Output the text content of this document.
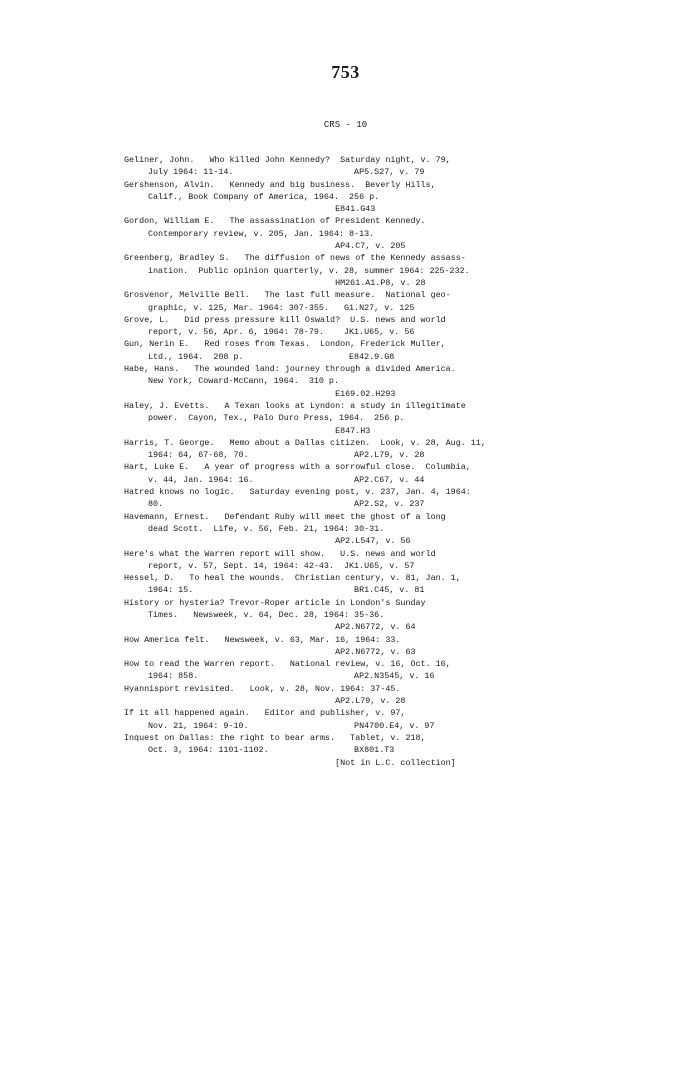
753
CRS - 10
Geliner, John.   Who killed John Kennedy?  Saturday night, v. 79,
July 1964: 11-14.                        AP5.S27, v. 79
Gershenson, Alvin.   Kennedy and big business.  Beverly Hills,
Calif., Book Company of America, 1964.  256 p.
E841.G43
Gordon, William E.   The assassination of President Kennedy.
Contemporary review, v. 205, Jan. 1964: 8-13.
AP4.C7, v. 205
Greenberg, Bradley S.   The diffusion of news of the Kennedy assass-
ination.  Public opinion quarterly, v. 28, summer 1964: 225-232.
HM261.A1.P8, v. 28
Grosvenor, Melville Bell.   The last full measure.  National geo-
graphic, v. 125, Mar. 1964: 307-355.   G1.N27, v. 125
Grove, L.   Did press pressure kill Oswald?  U.S. news and world
report, v. 56, Apr. 6, 1964: 78-79.    JK1.U65, v. 56
Gun, Nerin E.   Red roses from Texas.  London, Frederick Muller,
Ltd., 1964.  208 p.                     E842.9.G8
Habe, Hans.   The wounded land: journey through a divided America.
New York, Coward-McCann, 1964.  310 p.
E169.02.H293
Haley, J. Evetts.   A Texan looks at Lyndon: a study in illegitimate
power.  Cayon, Tex., Palo Duro Press, 1964.  256 p.
E847.H3
Harris, T. George.   Memo about a Dallas citizen.  Look, v. 28, Aug. 11,
1964: 64, 67-68, 70.                     AP2.L79, v. 28
Hart, Luke E.   A year of progress with a sorrowful close.  Columbia,
v. 44, Jan. 1964: 16.                    AP2.C67, v. 44
Hatred knows no logic.   Saturday evening post, v. 237, Jan. 4, 1964:
80.                                      AP2.S2, v. 237
Havemann, Ernest.   Defendant Ruby will meet the ghost of a long
dead Scott.  Life, v. 56, Feb. 21, 1964: 30-31.
AP2.L547, v. 56
Here's what the Warren report will show.   U.S. news and world
report, v. 57, Sept. 14, 1964: 42-43.  JK1.U65, v. 57
Hessel, D.   To heal the wounds.  Christian century, v. 81, Jan. 1,
1964: 15.                                BR1.C45, v. 81
History or hysteria? Trevor-Roper article in London's Sunday
Times.   Newsweek, v. 64, Dec. 28, 1964: 35-36.
AP2.N6772, v. 64
How America felt.   Newsweek, v. 63, Mar. 16, 1964: 33.
AP2.N6772, v. 63
How to read the Warren report.   National review, v. 16, Oct. 16,
1964: 858.                               AP2.N3545, v. 16
Hyannisport revisited.   Look, v. 28, Nov. 1964: 37-45.
AP2.L79, v. 28
If it all happened again.   Editor and publisher, v. 97,
Nov. 21, 1964: 9-10.                     PN4700.E4, v. 97
Inquest on Dallas: the right to bear arms.   Tablet, v. 218,
Oct. 3, 1964: 1101-1102.                 BX801.T3
[Not in L.C. collection]
